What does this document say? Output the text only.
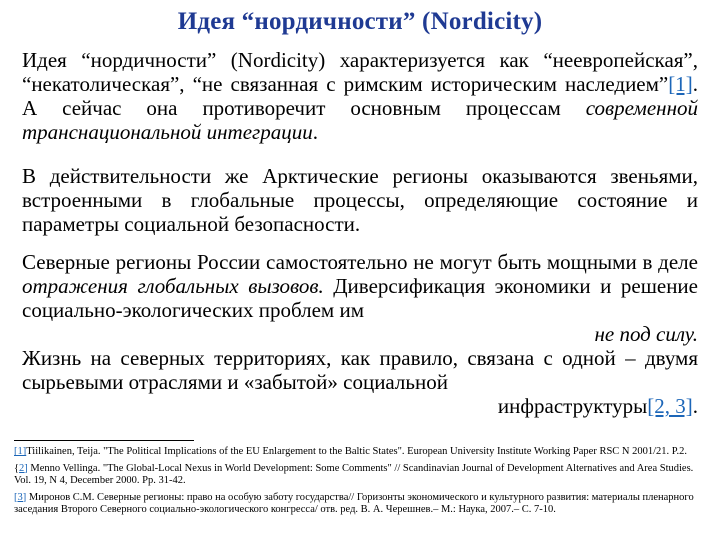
Идея “нордичности” (Nordicity)
Идея “нордичности” (Nordicity) характеризуется как “неевропейская”, “некатолическая”, “не связанная с римским историческим наследием”[1]. А сейчас она противоречит основным процессам современной транснациональной интеграции.
В действительности же Арктические регионы оказываются звеньями, встроенными в глобальные процессы, определяющие состояние и параметры социальной безопасности.
Северные регионы России самостоятельно не могут быть мощными в деле отражения глобальных вызовов. Диверсификация экономики и решение социально-экологических проблем им
не под силу.
Жизнь на северных территориях, как правило, связана с одной – двумя сырьевыми отраслями и «забытой» социальной
инфраструктуры[2, 3].
[1]Tiilikainen, Teija. "The Political Implications of the EU Enlargement to the Baltic States". European University Institute Working Paper RSC N 2001/21. P.2.
{2] Menno Vellinga. "The Global-Local Nexus in World Development: Some Comments" // Scandinavian Journal of Development Alternatives and Area Studies. Vol. 19, N 4, December 2000. Pp. 31-42.
[3] Миронов С.М. Северные регионы: право на особую заботу государства// Горизонты экономического и культурного развития: материалы пленарного заседания Второго Северного социально-экологического конгресса/ отв. ред. В. А. Черешнев.– М.: Наука, 2007.– С. 7-10.
